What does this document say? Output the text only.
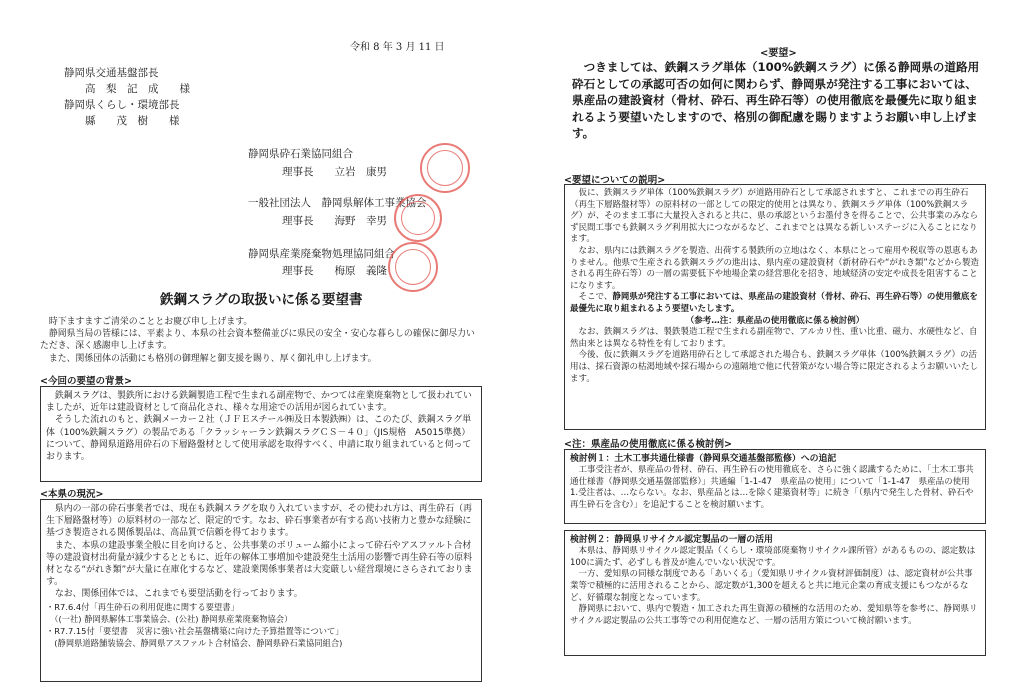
令和 8 年 3 月 11 日
静岡県交通基盤部長
　　高　梨　記　成　　様
静岡県くらし・環境部長
　　縣　　茂　樹　　様
静岡県砕石業協同組合
理事長　　立岩　康男
一般社団法人　静岡県解体工事業協会
理事長　　海野　幸男
静岡県産業廃棄物処理協同組合
理事長　　梅原　義隆
鉄鋼スラグの取扱いに係る要望書

時下ますますご清栄のこととお慶び申し上げます。

静岡県当局の皆様には、平素より、本県の社会資本整備並びに県民の安全・安心な暮らしの確保に御尽力いただき、深く感謝申し上げます。

また、関係団体の活動にも格別の御理解と御支援を賜り、厚く御礼申し上げます。

<今回の要望の背景>

鉄鋼スラグは、製鉄所における鉄鋼製造工程で生まれる副産物で、かつては産業廃棄物として扱われていましたが、近年は建設資材として商品化され、様々な用途での活用が図られています。

そうした流れのもと、鉄鋼メーカー２社（ＪＦＥスチール㈱及日本製鉄㈱）は、このたび、鉄鋼スラグ単体（100%鉄鋼スラグ）の製品である「クラッシャーラン鉄鋼スラグＣＳ－４０」（JIS規格　A5015準拠）について、静岡県道路用砕石の下層路盤材として使用承認を取得すべく、申請に取り組まれていると伺っております。

<本県の現況>

県内の一部の砕石事業者では、現在も鉄鋼スラグを取り入れていますが、その使われ方は、再生砕石（再生下層路盤材等）の原料材の一部など、限定的です。なお、砕石事業者が有する高い技術力と豊かな経験に基づき製造される関係製品は、高品質で信頼を得ております。

また、本県の建設事業全般に目を向けると、公共事業のボリューム縮小によって砕石やアスファルト合材等の建設資材出荷量が減少するとともに、近年の解体工事増加や建設発生土活用の影響で再生砕石等の原料材となる“がれき類”が大量に在庫化するなど、建設業関係事業者は大変厳しい経営環境にさらされております。

なお、関係団体では、これまでも要望活動を行っております。

・R7.6.4付「再生砕石の利用促進に関する要望書」

　（(一社) 静岡県解体工事業協会、(公社) 静岡県産業廃棄物協会）

・R7.7.15付「要望書　災害に強い社会基盤構築に向けた予算措置等について」

　(静岡県道路舗装協会、静岡県アスファルト合材協会、静岡県砕石業協同組合)

<要望>

つきましては、鉄鋼スラグ単体（100%鉄鋼スラグ）に係る静岡県の道路用砕石としての承認可否の如何に関わらず、静岡県が発注する工事においては、県産品の建設資材（骨材、砕石、再生砕石等）の使用徹底を最優先に取り組まれるよう要望いたしますので、格別の御配慮を賜りますようお願い申し上げます。

<要望についての説明>

仮に、鉄鋼スラグ単体（100%鉄鋼スラグ）が道路用砕石として承認されますと、これまでの再生砕石（再生下層路盤材等）の原料材の一部としての限定的使用とは異なり、鉄鋼スラグ単体（100%鉄鋼スラグ）が、そのまま工事に大量投入されると共に、県の承認というお墨付きを得ることで、公共事業のみならず民間工事でも鉄鋼スラグ利用拡大につながるなど、これまでとは異なる新しいステージに入ることになります。

なお、県内には鉄鋼スラグを製造、出荷する製鉄所の立地はなく、本県にとって雇用や税収等の恩恵もありません。他県で生産される鉄鋼スラグの進出は、県内産の建設資材（新材砕石や“がれき類”などから製造される再生砕石等）の一層の需要低下や地場企業の経営悪化を招き、地域経済の安定や成長を阻害することになります。

そこで、静岡県が発注する工事においては、県産品の建設資材（骨材、砕石、再生砕石等）の使用徹底を最優先に取り組まれるよう要望いたします。

（参考…注：県産品の使用徹底に係る検討例）

なお、鉄鋼スラグは、製鉄製造工程で生まれる副産物で、アルカリ性、重い比重、磁力、水硬性など、自然由来とは異なる特性を有しております。

今後、仮に鉄鋼スラグを道路用砕石として承認された場合も、鉄鋼スラグ単体（100%鉄鋼スラグ）の活用は、採石資源の枯渇地域や採石場からの遠隔地で他に代替策がない場合等に限定されるようお願いいたします。

<注：県産品の使用徹底に係る検討例>

検討例１：土木工事共通仕様書（静岡県交通基盤部監修）への追記

工事受注者が、県産品の骨材、砕石、再生砕石の使用徹底を、さらに強く認識するために、「土木工事共通仕様書（静岡県交通基盤部監修）」共通編「1-1-47　県産品の使用」について「1-1-47　県産品の使用　1.受注者は、…ならない。なお、県産品とは…を除く建築資材等」に続き「（県内で発生した骨材、砕石や再生砕石を含む）」を追記することを検討願います。

検討例２：静岡県リサイクル認定製品の一層の活用

本県は、静岡県リサイクル認定製品（くらし・環境部廃棄物リサイクル課所管）があるものの、認定数は100に満たず、必ずしも普及が進んでいない状況です。

一方、愛知県の同様な制度である「あいくる」（愛知県リサイクル資材評価制度）は、認定資材が公共事業等で積極的に活用されることから、認定数が1,300を超えると共に地元企業の育成支援にもつながるなど、好循環な制度となっています。

静岡県において、県内で製造・加工された再生資源の積極的な活用のため、愛知県等を参考に、静岡県リサイクル認定製品の公共工事等での利用促進など、一層の活用方策について検討願います。
